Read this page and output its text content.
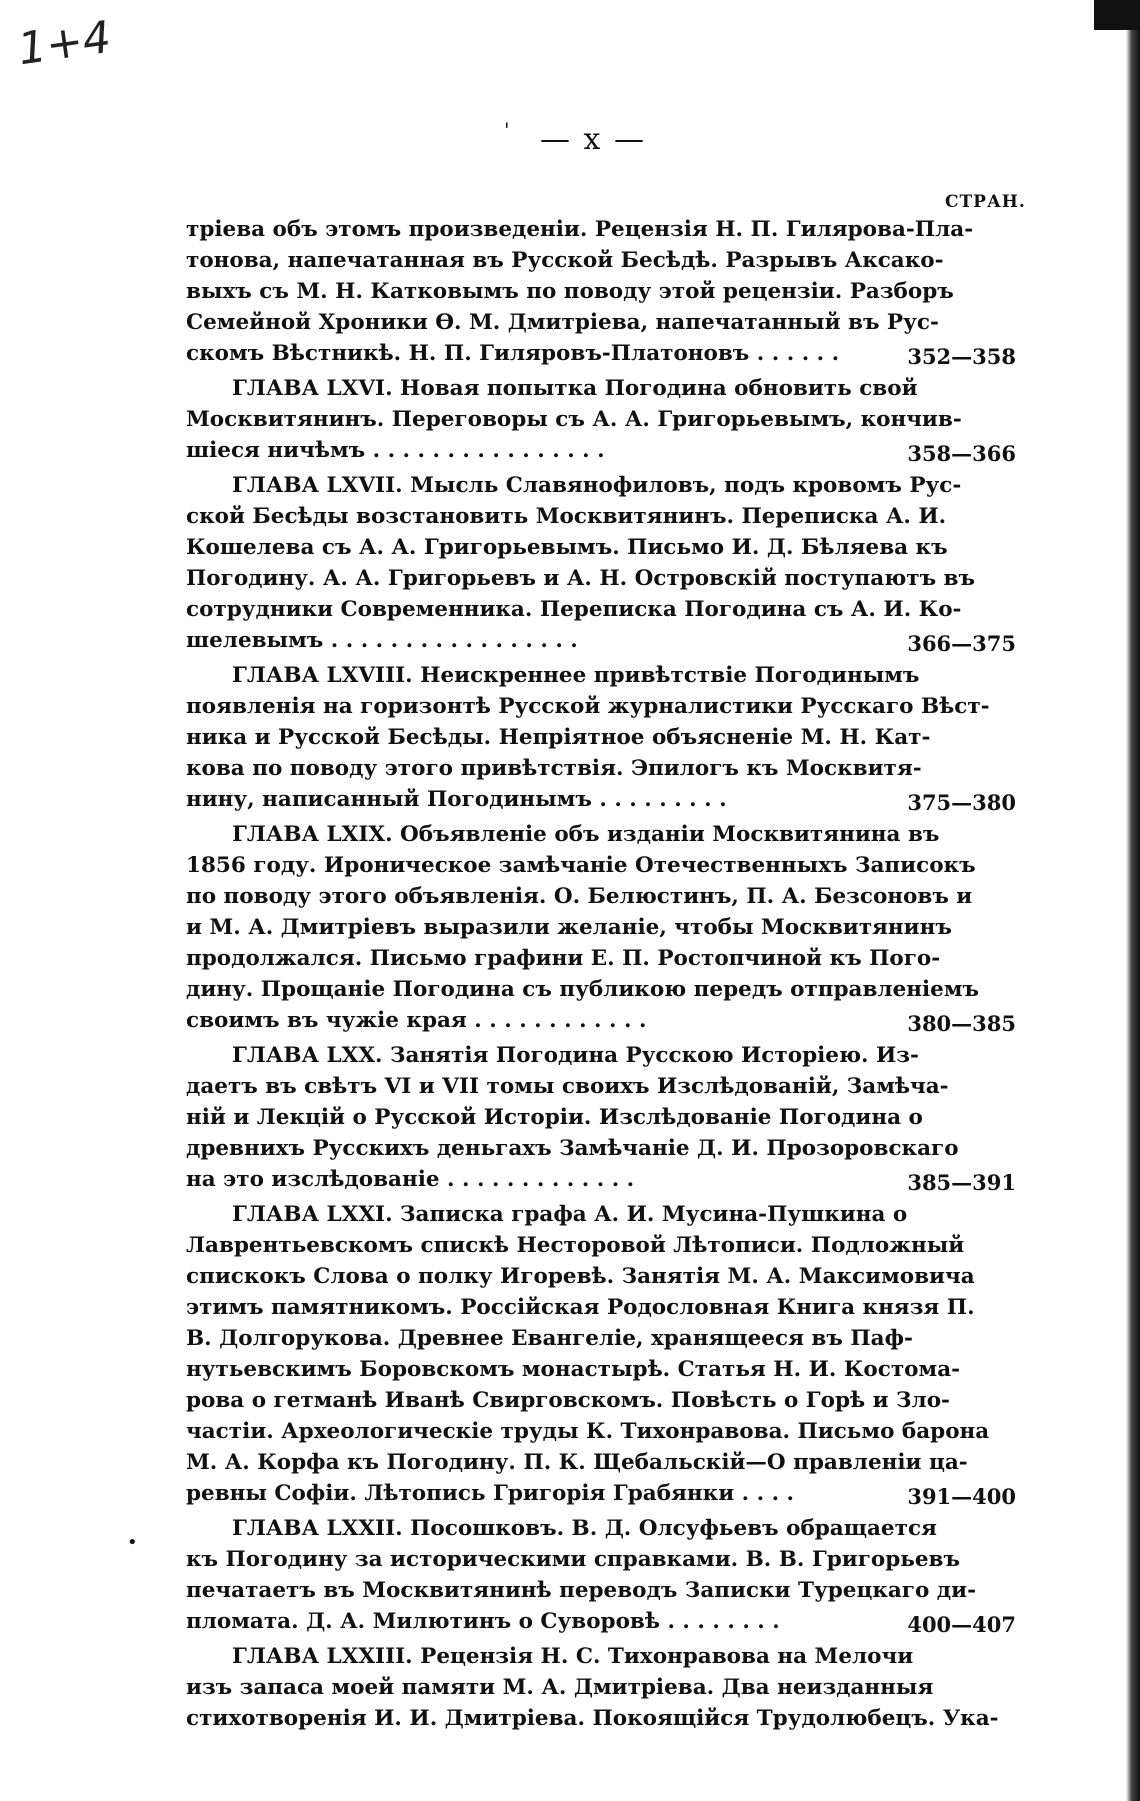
1+4
'	— x —
СТРАН.
•
тріева объ этомъ произведеніи. Рецензія Н. П. Гилярова-Пла-
тонова, напечатанная въ Русской Бесѣдѣ. Разрывъ Аксако-
выхъ съ М. Н. Катковымъ по поводу этой рецензіи. Разборъ
Семейной Хроники Ѳ. М. Дмитріева, напечатанный въ Рус-
скомъ Вѣстникѣ. Н. П. Гиляровъ-Платоновъ . . . . . .	352—358
ГЛАВА LXVI. Новая попытка Погодина обновить свой
Москвитянинъ. Переговоры съ А. А. Григорьевымъ, кончив-
шіеся ничѣмъ . . . . . . . . . . . . . . . .	358—366
ГЛАВА LXVII. Мысль Славянофиловъ, подъ кровомъ Рус-
ской Бесѣды возстановить Москвитянинъ. Переписка А. И.
Кошелева съ А. А. Григорьевымъ. Письмо И. Д. Бѣляева къ
Погодину. А. А. Григорьевъ и А. Н. Островскій поступаютъ въ
сотрудники Современника. Переписка Погодина съ А. И. Ко-
шелевымъ . . . . . . . . . . . . . . . . .	366—375
ГЛАВА LXVIII. Неискреннее привѣтствіе Погодинымъ
появленія на горизонтѣ Русской журналистики Русскаго Вѣст-
ника и Русской Бесѣды. Непріятное объясненіе М. Н. Кат-
кова по поводу этого привѣтствія. Эпилогъ къ Москвитя-
нину, написанный Погодинымъ . . . . . . . . .	375—380
ГЛАВА LXIX. Объявленіе объ изданіи Москвитянина въ
1856 году. Ироническое замѣчаніе Отечественныхъ Записокъ
по поводу этого объявленія. О. Белюстинъ, П. А. Безсоновъ и
и М. А. Дмитріевъ выразили желаніе, чтобы Москвитянинъ
продолжался. Письмо графини Е. П. Ростопчиной къ Пого-
дину. Прощаніе Погодина съ публикою передъ отправленіемъ
своимъ въ чужіе края . . . . . . . . . . . .	380—385
ГЛАВА LXX. Занятія Погодина Русскою Исторіею. Из-
даетъ въ свѣтъ VI и VII томы своихъ Изслѣдованій, Замѣча-
ній и Лекцій о Русской Исторіи. Изслѣдованіе Погодина о
древнихъ Русскихъ деньгахъ Замѣчаніе Д. И. Прозоровскаго
на это изслѣдованіе . . . . . . . . . . . . .	385—391
ГЛАВА LXXI. Записка графа А. И. Мусина-Пушкина о
Лаврентьевскомъ спискѣ Несторовой Лѣтописи. Подложный
спискокъ Слова о полку Игоревѣ. Занятія М. А. Максимовича
этимъ памятникомъ. Россійская Родословная Книга князя П.
В. Долгорукова. Древнее Евангеліе, хранящееся въ Паф-
нутьевскимъ Боровскомъ монастырѣ. Статья Н. И. Костома-
рова о гетманѣ Иванѣ Свирговскомъ. Повѣсть о Горѣ и Зло-
частіи. Археологическіе труды К. Тихонравова. Письмо барона
М. А. Корфа къ Погодину. П. К. Щебальскій—О правленіи ца-
ревны Софіи. Лѣтопись Григорія Грабянки . . . .	391—400
ГЛАВА LXXII. Посошковъ. В. Д. Олсуфьевъ обращается
къ Погодину за историческими справками. В. В. Григорьевъ
печатаетъ въ Москвитянинѣ переводъ Записки Турецкаго ди-
пломата. Д. А. Милютинъ о Суворовѣ . . . . . . . .	400—407
ГЛАВА LXXIII. Рецензія Н. С. Тихонравова на Мелочи
изъ запаса моей памяти М. А. Дмитріева. Два неизданныя
стихотворенія И. И. Дмитріева. Покоящійся Трудолюбецъ. Ука-
